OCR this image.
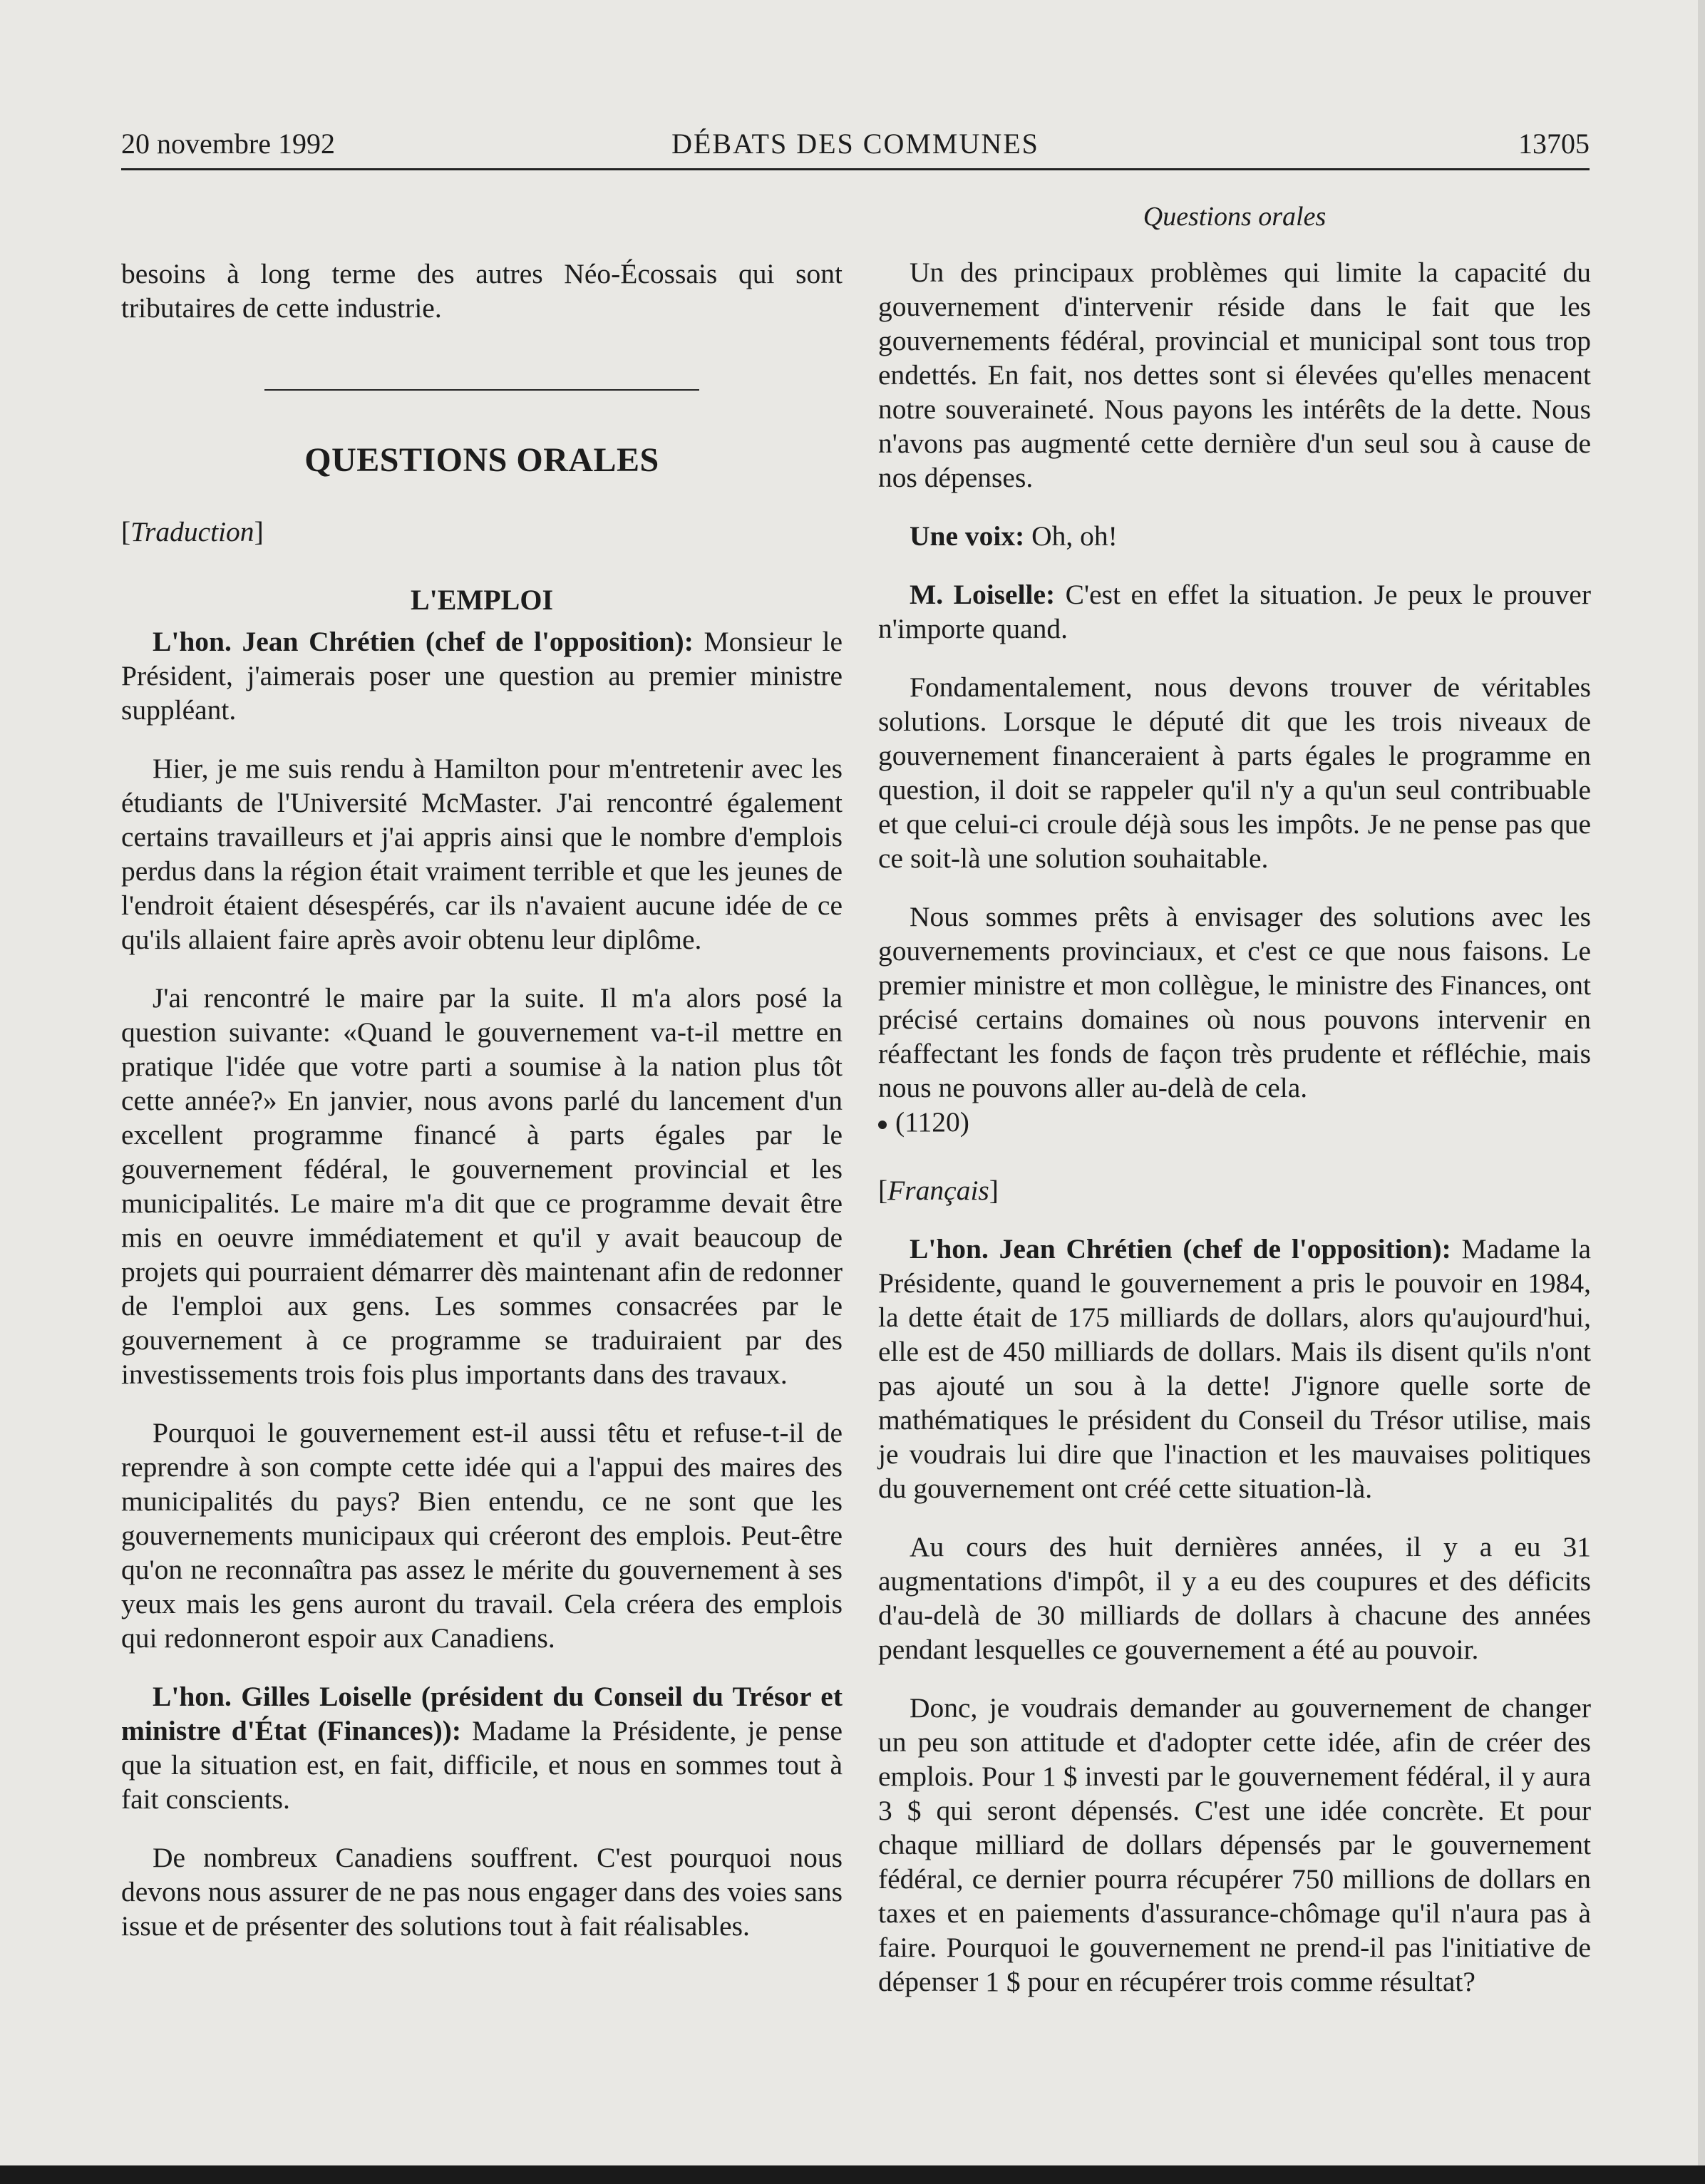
20 novembre 1992	DÉBATS DES COMMUNES	13705
Questions orales

besoins à long terme des autres Néo-Écossais qui sont tributaires de cette industrie.

QUESTIONS ORALES

[Traduction]

L'EMPLOI

L'hon. Jean Chrétien (chef de l'opposition): Monsieur le Président, j'aimerais poser une question au premier ministre suppléant.

Hier, je me suis rendu à Hamilton pour m'entretenir avec les étudiants de l'Université McMaster. J'ai rencontré également certains travailleurs et j'ai appris ainsi que le nombre d'emplois perdus dans la région était vraiment terrible et que les jeunes de l'endroit étaient désespérés, car ils n'avaient aucune idée de ce qu'ils allaient faire après avoir obtenu leur diplôme.

J'ai rencontré le maire par la suite. Il m'a alors posé la question suivante: «Quand le gouvernement va-t-il mettre en pratique l'idée que votre parti a soumise à la nation plus tôt cette année?» En janvier, nous avons parlé du lancement d'un excellent programme financé à parts égales par le gouvernement fédéral, le gouvernement provincial et les municipalités. Le maire m'a dit que ce programme devait être mis en oeuvre immédiatement et qu'il y avait beaucoup de projets qui pourraient démarrer dès maintenant afin de redonner de l'emploi aux gens. Les sommes consacrées par le gouvernement à ce programme se traduiraient par des investissements trois fois plus importants dans des travaux.

Pourquoi le gouvernement est-il aussi têtu et refuse-t-il de reprendre à son compte cette idée qui a l'appui des maires des municipalités du pays? Bien entendu, ce ne sont que les gouvernements municipaux qui créeront des emplois. Peut-être qu'on ne reconnaîtra pas assez le mérite du gouvernement à ses yeux mais les gens auront du travail. Cela créera des emplois qui redonneront espoir aux Canadiens.

L'hon. Gilles Loiselle (président du Conseil du Trésor et ministre d'État (Finances)): Madame la Présidente, je pense que la situation est, en fait, difficile, et nous en sommes tout à fait conscients.

De nombreux Canadiens souffrent. C'est pourquoi nous devons nous assurer de ne pas nous engager dans des voies sans issue et de présenter des solutions tout à fait réalisables.

Un des principaux problèmes qui limite la capacité du gouvernement d'intervenir réside dans le fait que les gouvernements fédéral, provincial et municipal sont tous trop endettés. En fait, nos dettes sont si élevées qu'elles menacent notre souveraineté. Nous payons les intérêts de la dette. Nous n'avons pas augmenté cette dernière d'un seul sou à cause de nos dépenses.

Une voix: Oh, oh!

M. Loiselle: C'est en effet la situation. Je peux le prouver n'importe quand.

Fondamentalement, nous devons trouver de véritables solutions. Lorsque le député dit que les trois niveaux de gouvernement financeraient à parts égales le programme en question, il doit se rappeler qu'il n'y a qu'un seul contribuable et que celui-ci croule déjà sous les impôts. Je ne pense pas que ce soit-là une solution souhaitable.

Nous sommes prêts à envisager des solutions avec les gouvernements provinciaux, et c'est ce que nous faisons. Le premier ministre et mon collègue, le ministre des Finances, ont précisé certains domaines où nous pouvons intervenir en réaffectant les fonds de façon très prudente et réfléchie, mais nous ne pouvons aller au-delà de cela.

(1120)

[Français]

L'hon. Jean Chrétien (chef de l'opposition): Madame la Présidente, quand le gouvernement a pris le pouvoir en 1984, la dette était de 175 milliards de dollars, alors qu'aujourd'hui, elle est de 450 milliards de dollars. Mais ils disent qu'ils n'ont pas ajouté un sou à la dette! J'ignore quelle sorte de mathématiques le président du Conseil du Trésor utilise, mais je voudrais lui dire que l'inaction et les mauvaises politiques du gouvernement ont créé cette situation-là.

Au cours des huit dernières années, il y a eu 31 augmentations d'impôt, il y a eu des coupures et des déficits d'au-delà de 30 milliards de dollars à chacune des années pendant lesquelles ce gouvernement a été au pouvoir.

Donc, je voudrais demander au gouvernement de changer un peu son attitude et d'adopter cette idée, afin de créer des emplois. Pour 1 $ investi par le gouvernement fédéral, il y aura 3 $ qui seront dépensés. C'est une idée concrète. Et pour chaque milliard de dollars dépensés par le gouvernement fédéral, ce dernier pourra récupérer 750 millions de dollars en taxes et en paiements d'assurance-chômage qu'il n'aura pas à faire. Pourquoi le gouvernement ne prend-il pas l'initiative de dépenser 1 $ pour en récupérer trois comme résultat?
